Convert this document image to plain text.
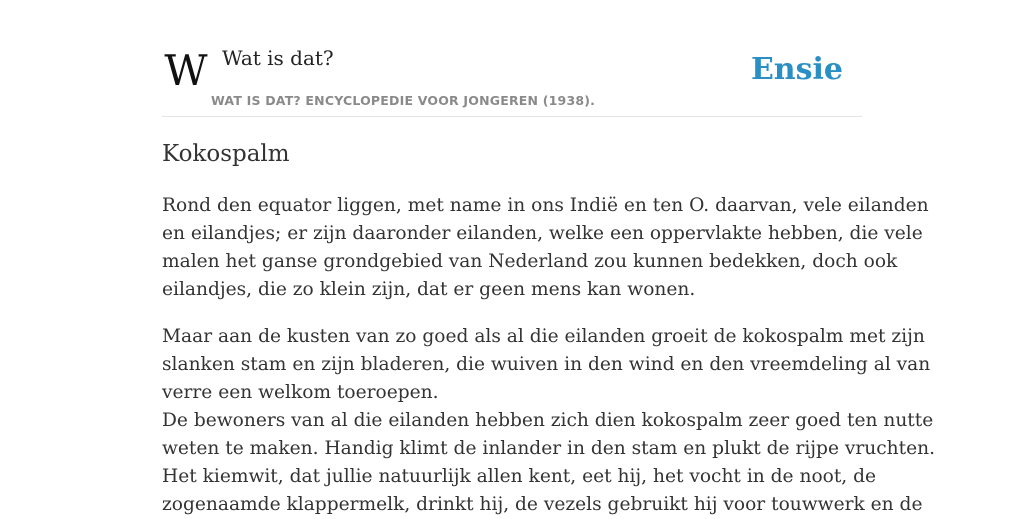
W Wat is dat?
WAT IS DAT? ENCYCLOPEDIE VOOR JONGEREN (1938).
Ensie
Kokospalm

Rond den equator liggen, met name in ons Indië en ten O. daarvan, vele eilanden
en eilandjes; er zijn daaronder eilanden, welke een oppervlakte hebben, die vele
malen het ganse grondgebied van Nederland zou kunnen bedekken, doch ook
eilandjes, die zo klein zijn, dat er geen mens kan wonen.

Maar aan de kusten van zo goed als al die eilanden groeit de kokospalm met zijn
slanken stam en zijn bladeren, die wuiven in den wind en den vreemdeling al van
verre een welkom toeroepen.

De bewoners van al die eilanden hebben zich dien kokospalm zeer goed ten nutte
weten te maken. Handig klimt de inlander in den stam en plukt de rijpe vruchten.
Het kiemwit, dat jullie natuurlijk allen kent, eet hij, het vocht in de noot, de
zogenaamde klappermelk, drinkt hij, de vezels gebruikt hij voor touwwerk en de
